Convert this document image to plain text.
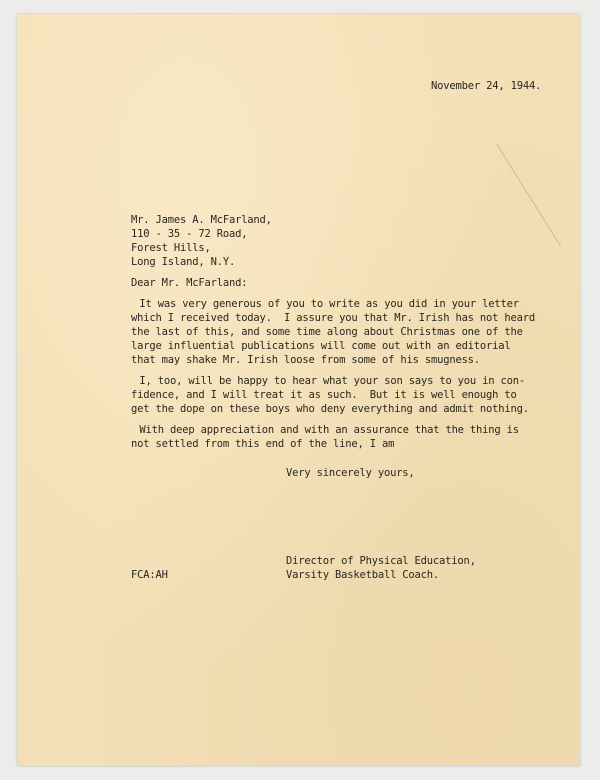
November 24, 1944.
Mr. James A. McFarland,
110 - 35 - 72 Road,
Forest Hills,
Long Island, N.Y.
Dear Mr. McFarland:
It was very generous of you to write as you did in your letter
which I received today.  I assure you that Mr. Irish has not heard
the last of this, and some time along about Christmas one of the
large influential publications will come out with an editorial
that may shake Mr. Irish loose from some of his smugness.
I, too, will be happy to hear what your son says to you in con-
fidence, and I will treat it as such.  But it is well enough to
get the dope on these boys who deny everything and admit nothing.
With deep appreciation and with an assurance that the thing is
not settled from this end of the line, I am
Very sincerely yours,
Director of Physical Education,
FCA:AH	Varsity Basketball Coach.
